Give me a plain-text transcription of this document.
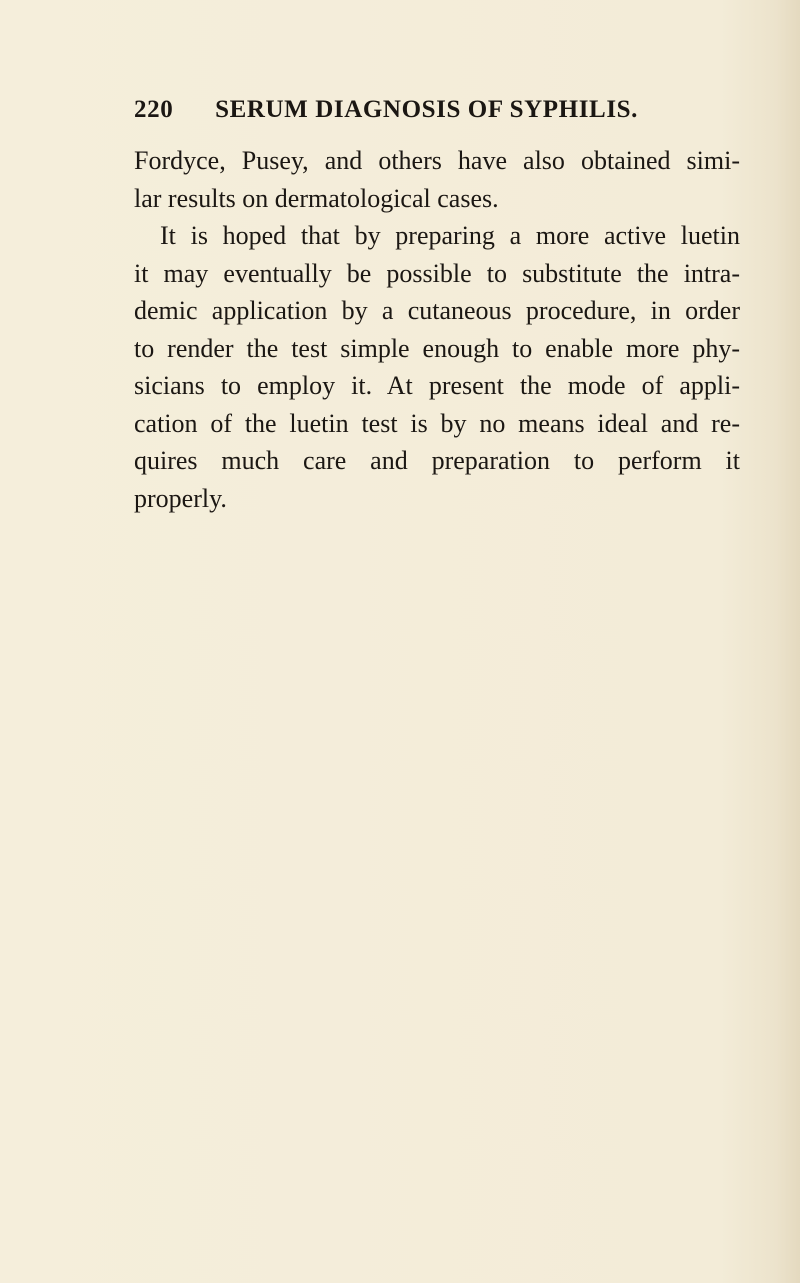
220 SERUM DIAGNOSIS OF SYPHILIS.
Fordyce, Pusey, and others have also obtained simi-
lar results on dermatological cases.
It is hoped that by preparing a more active luetin
it may eventually be possible to substitute the intra-
demic application by a cutaneous procedure, in order
to render the test simple enough to enable more phy-
sicians to employ it. At present the mode of appli-
cation of the luetin test is by no means ideal and re-
quires much care and preparation to perform it
properly.
